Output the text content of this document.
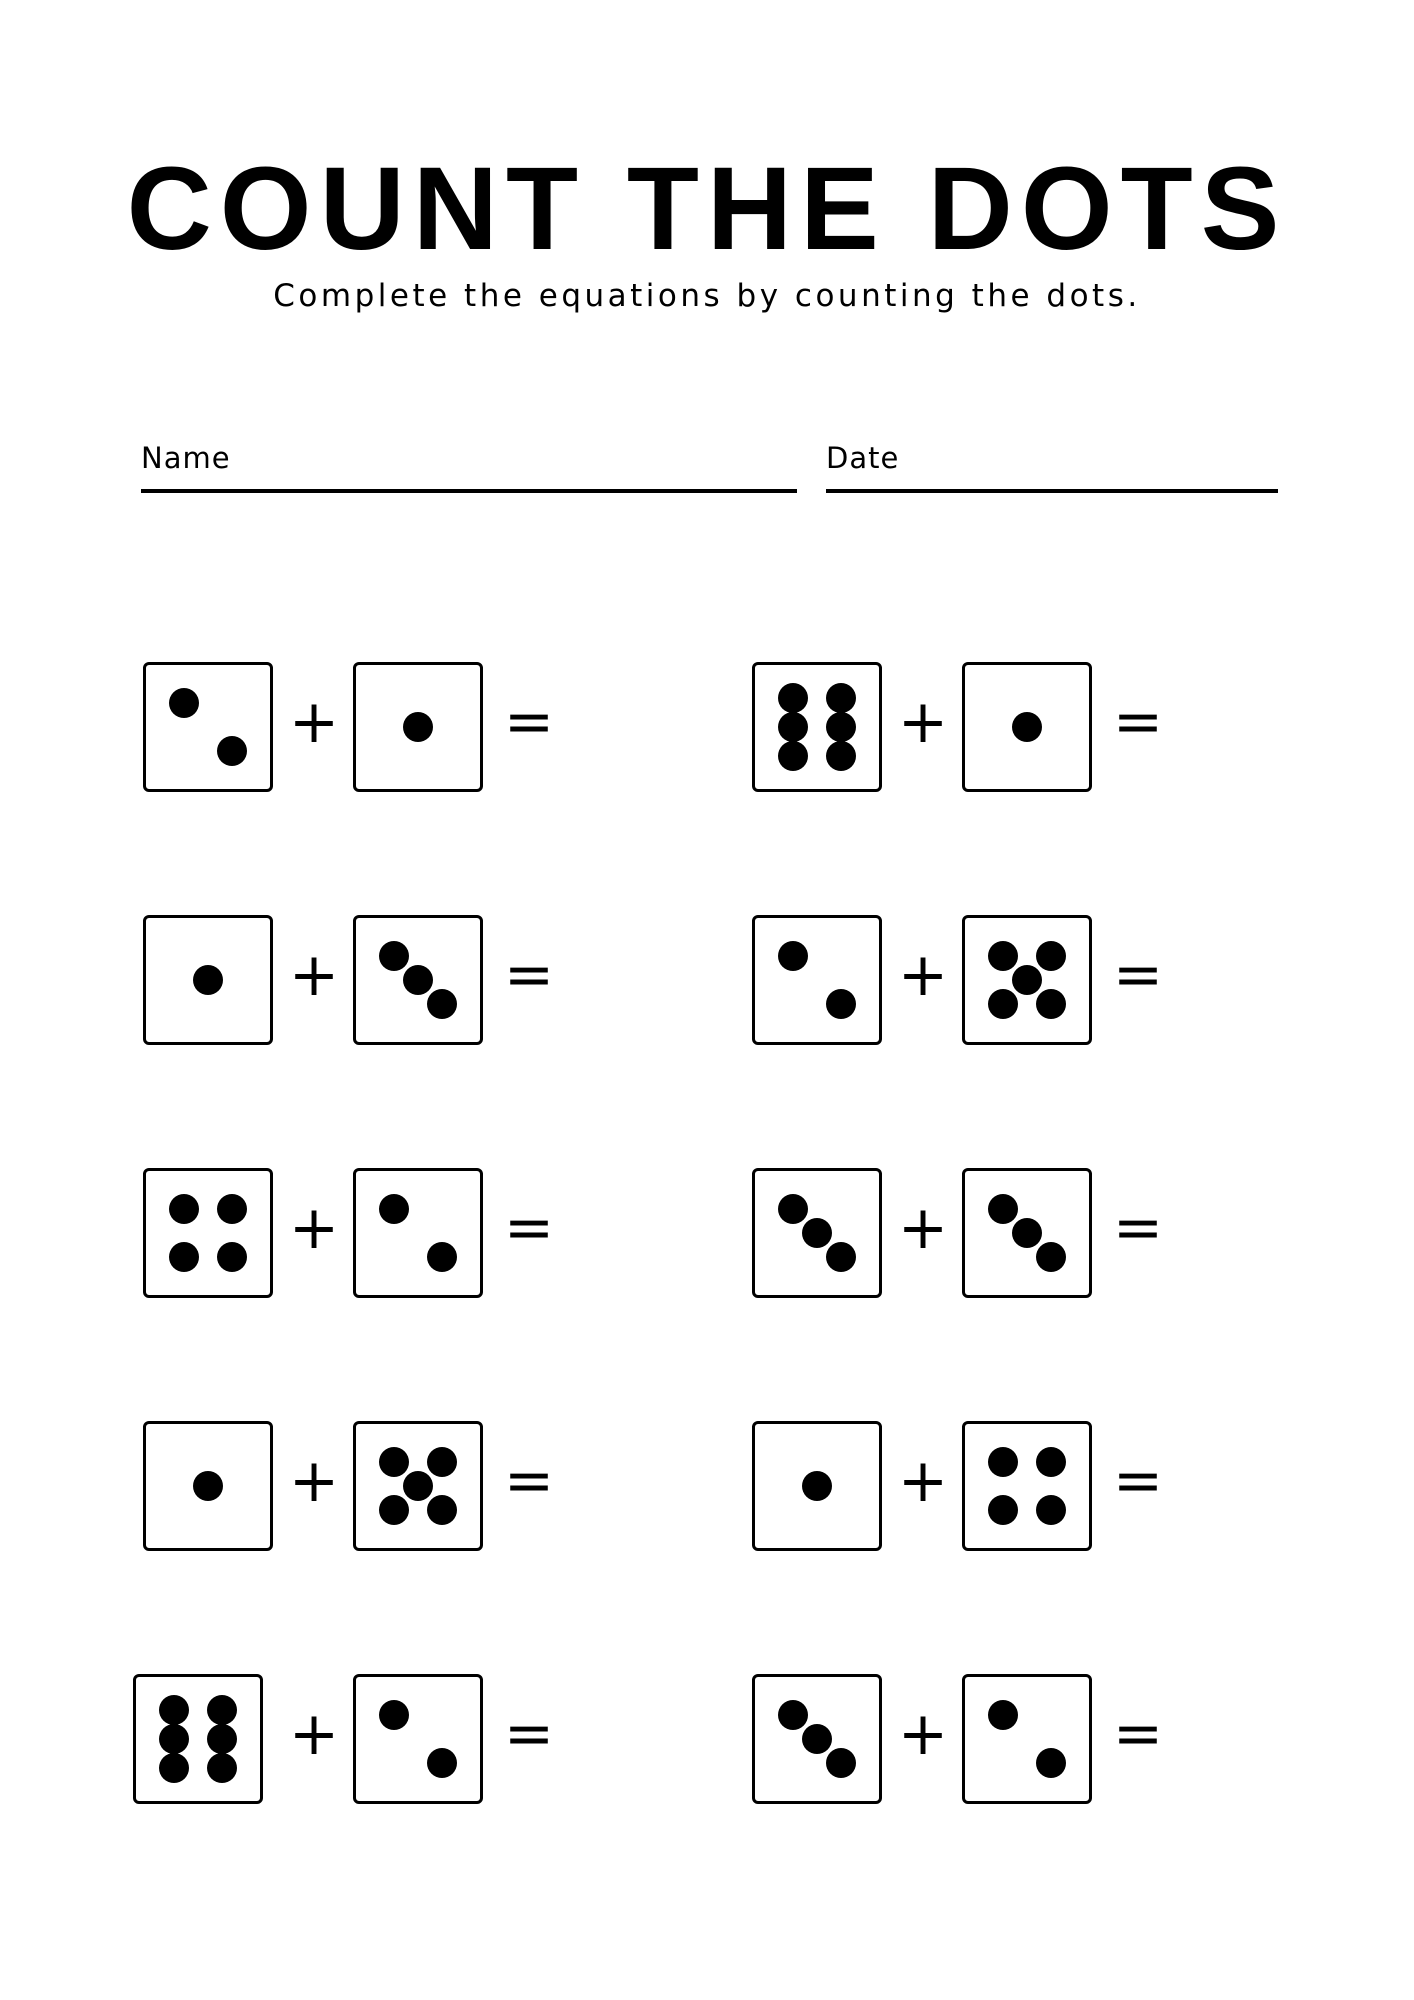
COUNT THE DOTS
Complete the equations by counting the dots.
Name	Date
+	=	+	=
+	=	+	=
+	=	+	=
+	=	+	=
+	=	+	=
